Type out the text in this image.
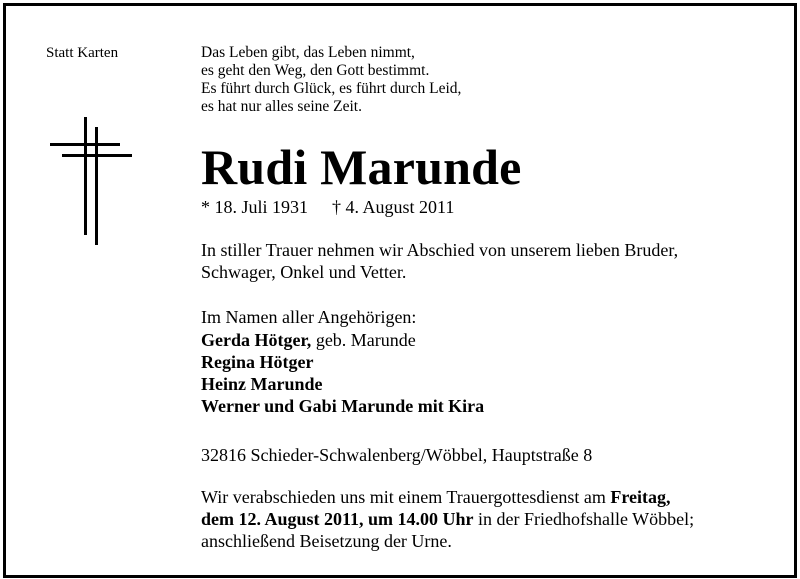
Statt Karten	Das Leben gibt, das Leben nimmt,
es geht den Weg, den Gott bestimmt.
Es führt durch Glück, es führt durch Leid,
es hat nur alles seine Zeit.
Rudi Marunde
* 18. Juli 1931 † 4. August 2011
In stiller Trauer nehmen wir Abschied von unserem lieben Bruder,
Schwager, Onkel und Vetter.
Im Namen aller Angehörigen:
Gerda Hötger, geb. Marunde
Regina Hötger
Heinz Marunde
Werner und Gabi Marunde mit Kira
32816 Schieder-Schwalenberg/Wöbbel, Hauptstraße 8
Wir verabschieden uns mit einem Trauergottesdienst am Freitag,
dem 12. August 2011, um 14.00 Uhr in der Friedhofshalle Wöbbel;
anschließend Beisetzung der Urne.
